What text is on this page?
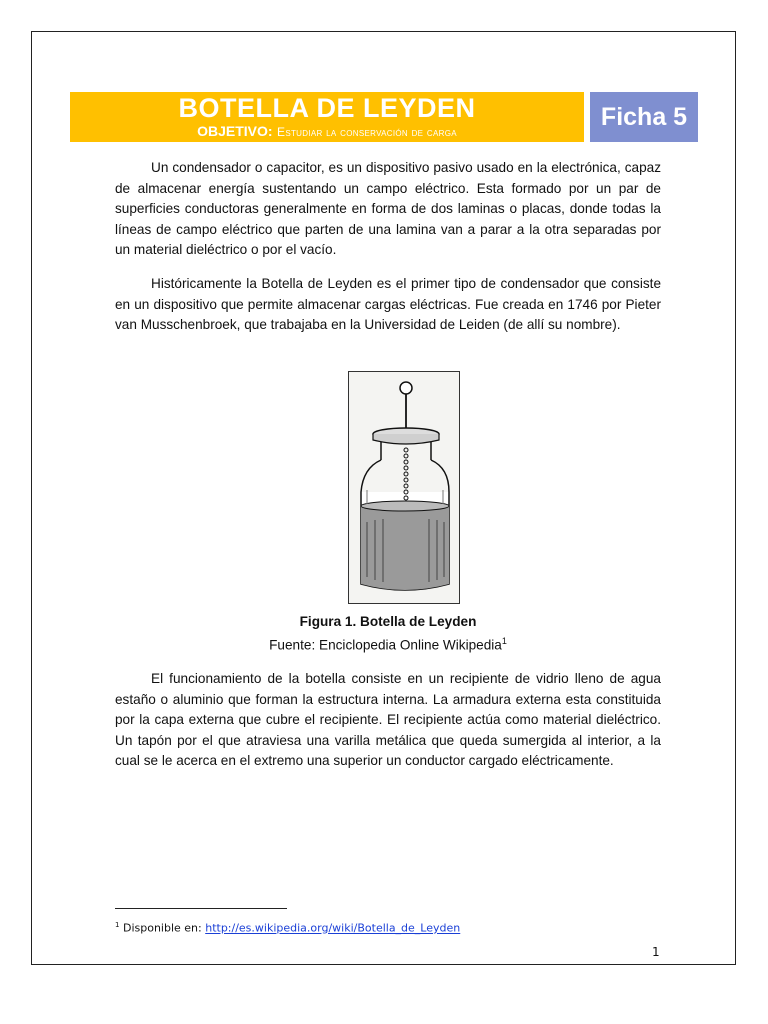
BOTELLA DE LEYDEN
OBJETIVO: Estudiar la conservación de carga
Ficha 5

Un condensador o capacitor, es un dispositivo pasivo usado en la electrónica, capaz de almacenar energía sustentando un campo eléctrico. Esta formado por un par de superficies conductoras generalmente en forma de dos laminas o placas, donde todas la líneas de campo eléctrico que parten de una lamina van a parar a la otra separadas por un material dieléctrico o por el vacío.

Históricamente la Botella de Leyden es el primer tipo de condensador que consiste en un dispositivo que permite almacenar cargas eléctricas. Fue creada en 1746 por Pieter van Musschenbroek, que trabajaba en la Universidad de Leiden (de allí su nombre).

Figura 1. Botella de Leyden
Fuente: Enciclopedia Online Wikipedia$^1$

El funcionamiento de la botella consiste en un recipiente de vidrio lleno de agua estaño o aluminio que forman la estructura interna. La armadura externa esta constituida por la capa externa que cubre el recipiente. El recipiente actúa como material dieléctrico. Un tapón por el que atraviesa una varilla metálica que queda sumergida al interior, a la cual se le acerca en el extremo una superior un conductor cargado eléctricamente.

$^1$ Disponible en: http://es.wikipedia.org/wiki/Botella_de_Leyden
1
